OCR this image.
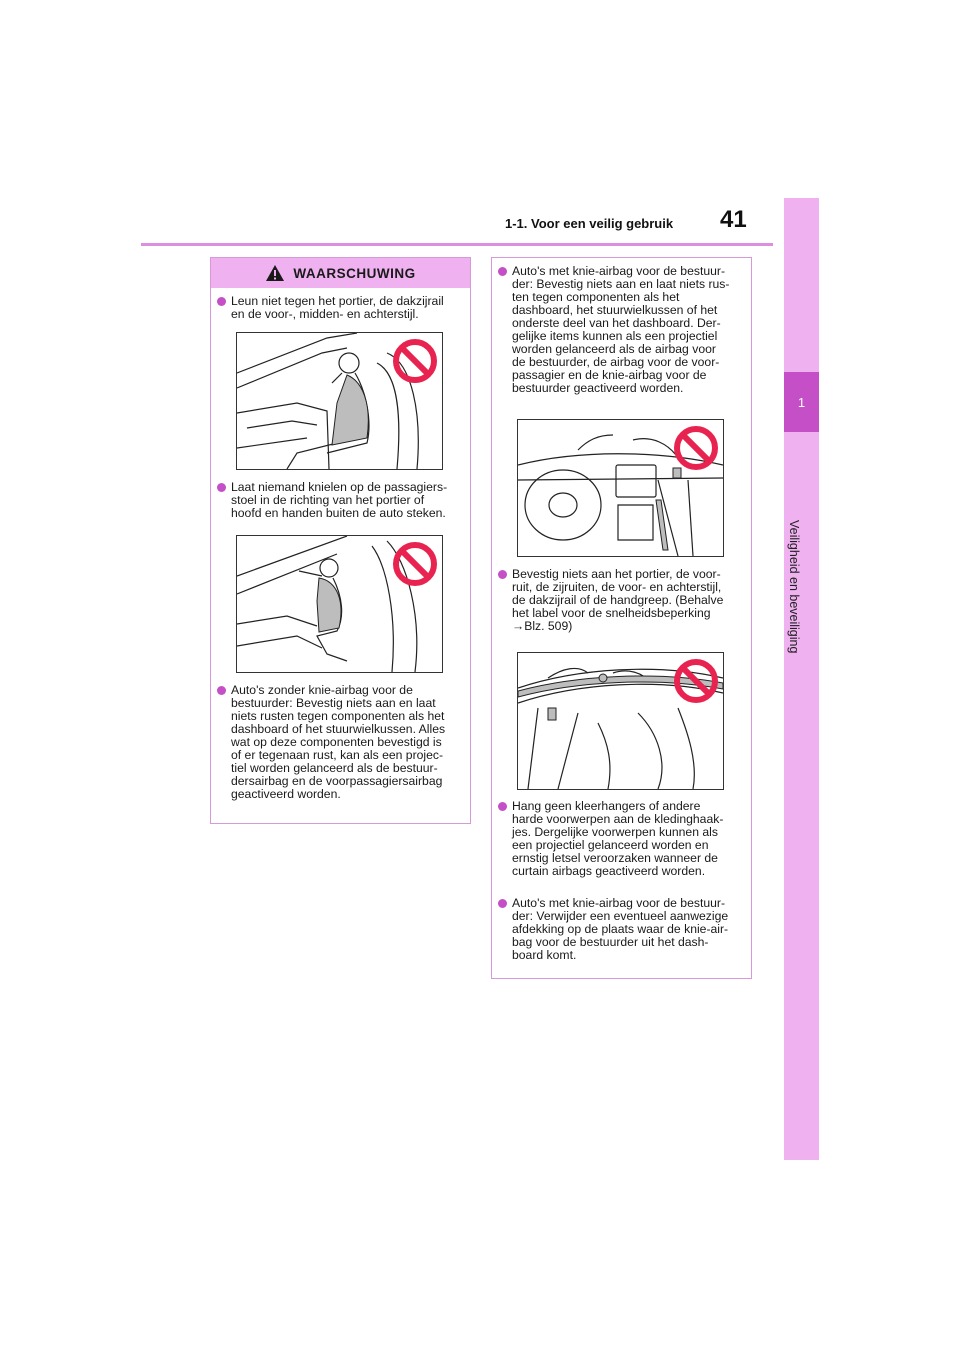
1
Veiligheid en beveiliging
1-1. Voor een veilig gebruik 41
WAARSCHUWING
Leun niet tegen het portier, de dakzijrail
en de voor-, midden- en achterstijl.
Laat niemand knielen op de passagiers-
stoel in de richting van het portier of
hoofd en handen buiten de auto steken.
Auto's zonder knie-airbag voor de
bestuurder: Bevestig niets aan en laat
niets rusten tegen componenten als het
dashboard of het stuurwielkussen. Alles
wat op deze componenten bevestigd is
of er tegenaan rust, kan als een projec-
tiel worden gelanceerd als de bestuur-
dersairbag en de voorpassagiersairbag
geactiveerd worden.
Auto's met knie-airbag voor de bestuur-
der: Bevestig niets aan en laat niets rus-
ten tegen componenten als het
dashboard, het stuurwielkussen of het
onderste deel van het dashboard. Der-
gelijke items kunnen als een projectiel
worden gelanceerd als de airbag voor
de bestuurder, de airbag voor de voor-
passagier en de knie-airbag voor de
bestuurder geactiveerd worden.
Bevestig niets aan het portier, de voor-
ruit, de zijruiten, de voor- en achterstijl,
de dakzijrail of de handgreep. (Behalve
het label voor de snelheidsbeperking
→Blz. 509)
Hang geen kleerhangers of andere
harde voorwerpen aan de kledinghaak-
jes. Dergelijke voorwerpen kunnen als
een projectiel gelanceerd worden en
ernstig letsel veroorzaken wanneer de
curtain airbags geactiveerd worden.
Auto's met knie-airbag voor de bestuur-
der: Verwijder een eventueel aanwezige
afdekking op de plaats waar de knie-air-
bag voor de bestuurder uit het dash-
board komt.
